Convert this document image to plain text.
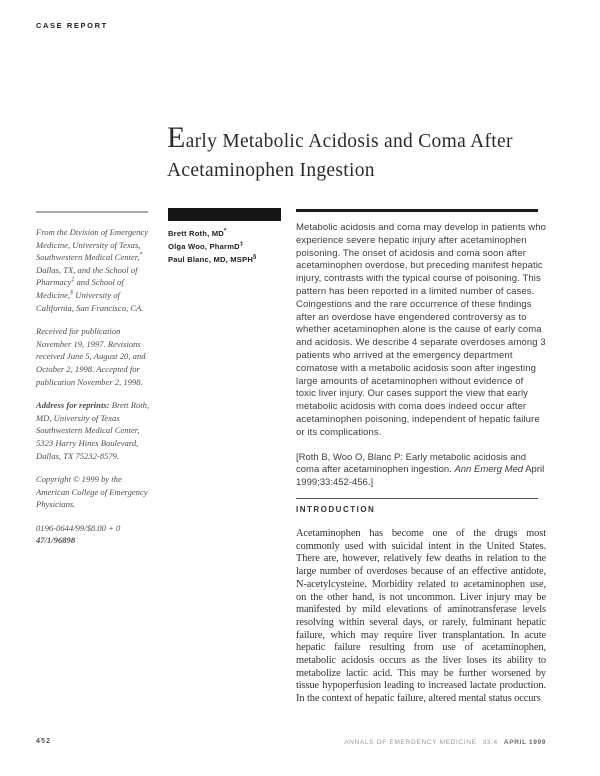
CASE REPORT
Early Metabolic Acidosis and Coma After
Acetaminophen Ingestion

From the Division of Emergency Medicine, University of Texas, Southwestern Medical Center,* Dallas, TX, and the School of Pharmacy‡ and School of Medicine,§ University of California, San Francisco, CA.

Received for publication November 19, 1997. Revisions received June 5, August 20, and October 2, 1998. Accepted for publication November 2, 1998.

Address for reprints: Brett Roth, MD, University of Texas Southwestern Medical Center, 5323 Harry Hines Boulevard, Dallas, TX 75232-8579.

Copyright © 1999 by the American College of Emergency Physicians.

0196-0644/99/$8.00 + 0
47/1/96898

Brett Roth, MD*
Olga Woo, PharmD‡
Paul Blanc, MD, MSPH§
Metabolic acidosis and coma may develop in patients who experience severe hepatic injury after acetaminophen poisoning. The onset of acidosis and coma soon after acetaminophen overdose, but preceding manifest hepatic injury, contrasts with the typical course of poisoning. This pattern has been reported in a limited number of cases. Coingestions and the rare occurrence of these findings after an overdose have engendered controversy as to whether acetaminophen alone is the cause of early coma and acidosis. We describe 4 separate overdoses among 3 patients who arrived at the emergency department comatose with a metabolic acidosis soon after ingesting large amounts of acetaminophen without evidence of toxic liver injury. Our cases support the view that early metabolic acidosis with coma does indeed occur after acetaminophen poisoning, independent of hepatic failure or its complications.
[Roth B, Woo O, Blanc P: Early metabolic acidosis and coma after acetaminophen ingestion. Ann Emerg Med April 1999;33:452-456.]
INTRODUCTION
Acetaminophen has become one of the drugs most commonly used with suicidal intent in the United States. There are, however, relatively few deaths in relation to the large number of overdoses because of an effective antidote, N-acetylcysteine. Morbidity related to acetaminophen use, on the other hand, is not uncommon. Liver injury may be manifested by mild elevations of aminotransferase levels resolving within several days, or rarely, fulminant hepatic failure, which may require liver transplantation. In acute hepatic failure resulting from use of acetaminophen, metabolic acidosis occurs as the liver loses its ability to metabolize lactic acid. This may be further worsened by tissue hypoperfusion leading to increased lactate production. In the context of hepatic failure, altered mental status occurs
452	ANNALS OF EMERGENCY MEDICINE 33:4 APRIL 1999
